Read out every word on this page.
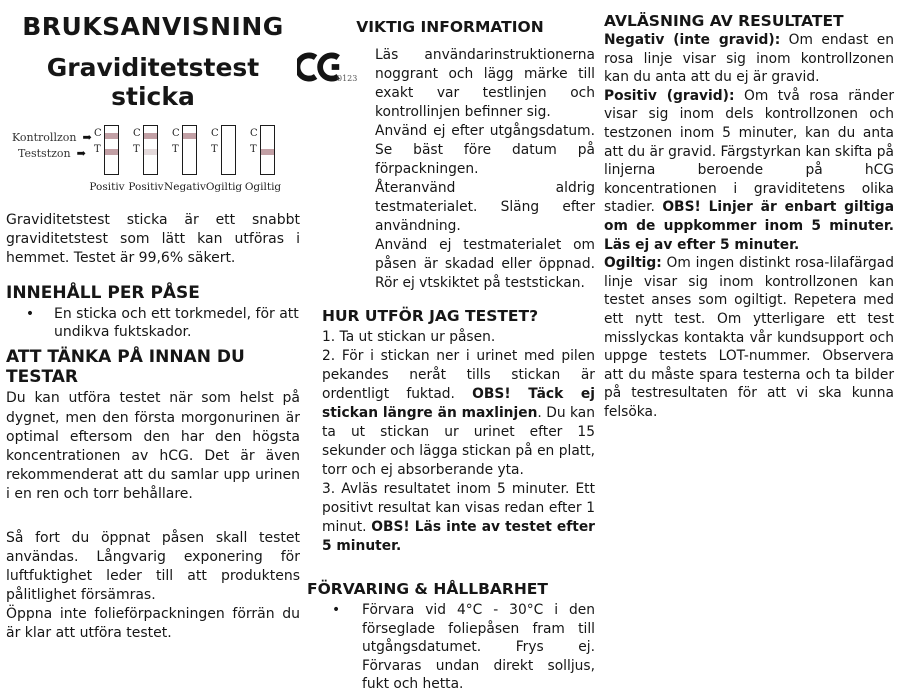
BRUKSANVISNING
Graviditetstest sticka
Kontrollzon ➡
Teststzon ➡
C
T
Positiv
C
T
Positiv
C
T
Negativ
C
T
Ogiltig
C
T
Ogiltig

Graviditetstest sticka är ett snabbt graviditetstest som lätt kan utföras i hemmet. Testet är 99,6% säkert.

INNEHÅLL PER PÅSE
•	En sticka och ett torkmedel, för att undikva fuktskador.
ATT TÄNKA PÅ INNAN DU TESTAR

Du kan utföra testet när som helst på dygnet, men den första morgonurinen är optimal eftersom den har den högsta koncentrationen av hCG. Det är även rekommenderat att du samlar upp urinen i en ren och torr behållare.

Så fort du öppnat påsen skall testet användas. Långvarig exponering för luftfuktighet leder till att produktens pålitlighet försämras.

Öppna inte folieförpackningen förrän du är klar att utföra testet.

0123
VIKTIG INFORMATION

Läs användarinstruktionerna noggrant och lägg märke till exakt var testlinjen och kontrollinjen befinner sig.

Använd ej efter utgångsdatum. Se bäst före datum på förpackningen.

Återanvänd aldrig testmaterialet. Släng efter användning.

Använd ej testmaterialet om påsen är skadad eller öppnad. Rör ej vtskiktet på teststickan.

HUR UTFÖR JAG TESTET?

1. Ta ut stickan ur påsen.

2. För i stickan ner i urinet med pilen pekandes neråt tills stickan är ordentligt fuktad. OBS! Täck ej stickan längre än maxlinjen. Du kan ta ut stickan ur urinet efter 15 sekunder och lägga stickan på en platt, torr och ej absorberande yta.

3. Avläs resultatet inom 5 minuter. Ett positivt resultat kan visas redan efter 1 minut. OBS! Läs inte av testet efter 5 minuter.

FÖRVARING & HÅLLBARHET
•	Förvara vid 4°C - 30°C i den förseglade foliepåsen fram till utgångsdatumet. Frys ej. Förvaras undan direkt solljus, fukt och hetta.
AVLÄSNING AV RESULTATET

Negativ (inte gravid): Om endast en rosa linje visar sig inom kontrollzonen kan du anta att du ej är gravid.

Positiv (gravid): Om två rosa ränder visar sig inom dels kontrollzonen och testzonen inom 5 minuter, kan du anta att du är gravid. Färgstyrkan kan skifta på linjerna beroende på hCG koncentrationen i graviditetens olika stadier. OBS! Linjer är enbart giltiga om de uppkommer inom 5 minuter. Läs ej av efter 5 minuter.

Ogiltig: Om ingen distinkt rosa-lilafärgad linje visar sig inom kontrollzonen kan testet anses som ogiltigt. Repetera med ett nytt test. Om ytterligare ett test misslyckas kontakta vår kundsupport och uppge testets LOT-nummer. Observera att du måste spara testerna och ta bilder på testresultaten för att vi ska kunna felsöka.
